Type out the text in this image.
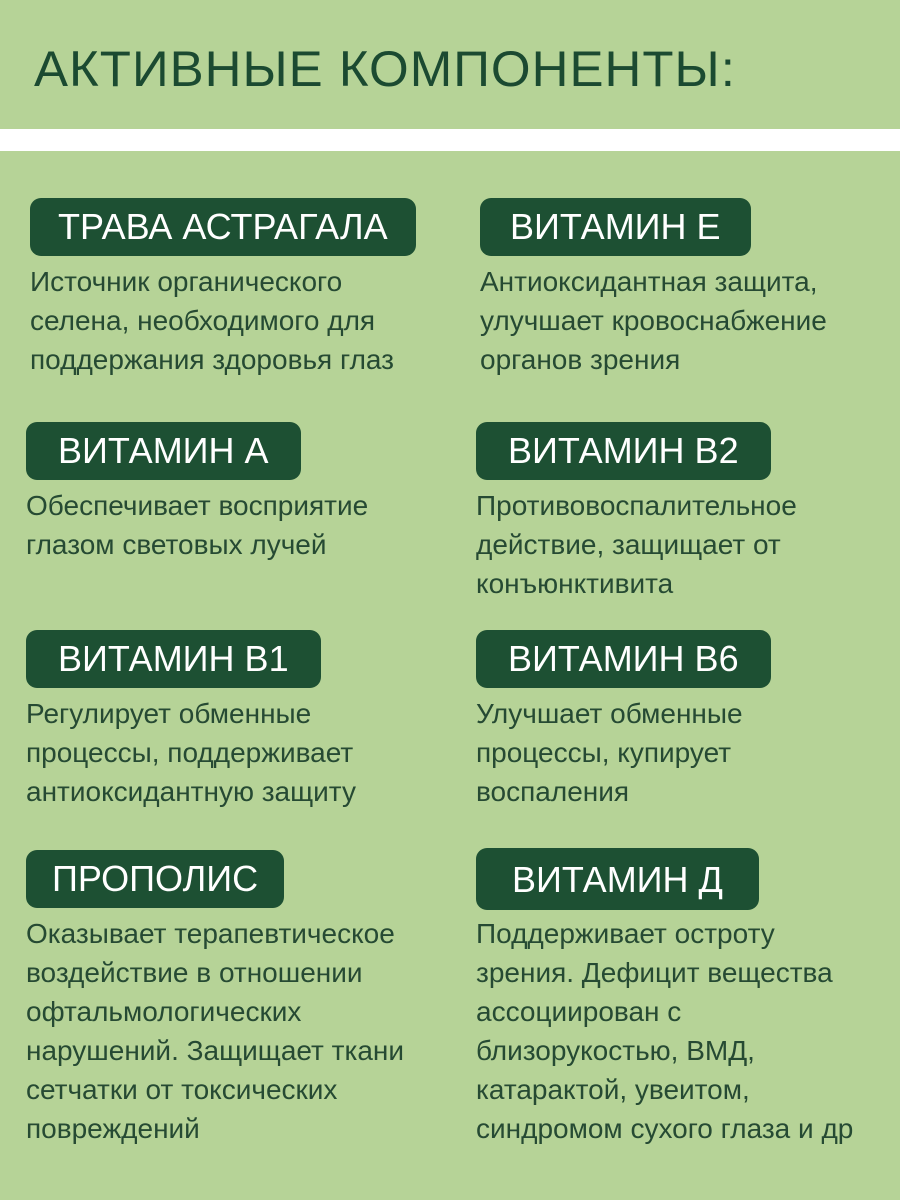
АКТИВНЫЕ КОМПОНЕНТЫ:
ТРАВА АСТРАГАЛА
Источник органического
селена, необходимого для
поддержания здоровья глаз
ВИТАМИН Е
Антиоксидантная защита,
улучшает кровоснабжение
органов зрения
ВИТАМИН А
Обеспечивает восприятие
глазом световых лучей
ВИТАМИН В2
Противовоспалительное
действие, защищает от
конъюнктивита
ВИТАМИН В1
Регулирует обменные
процессы, поддерживает
антиоксидантную защиту
ВИТАМИН В6
Улучшает обменные
процессы, купирует
воспаления
ПРОПОЛИС
Оказывает терапевтическое
воздействие в отношении
офтальмологических
нарушений. Защищает ткани
сетчатки от токсических
повреждений
ВИТАМИН Д
Поддерживает остроту
зрения. Дефицит вещества
ассоциирован с
близорукостью, ВМД,
катарактой, увеитом,
синдромом сухого глаза и др
